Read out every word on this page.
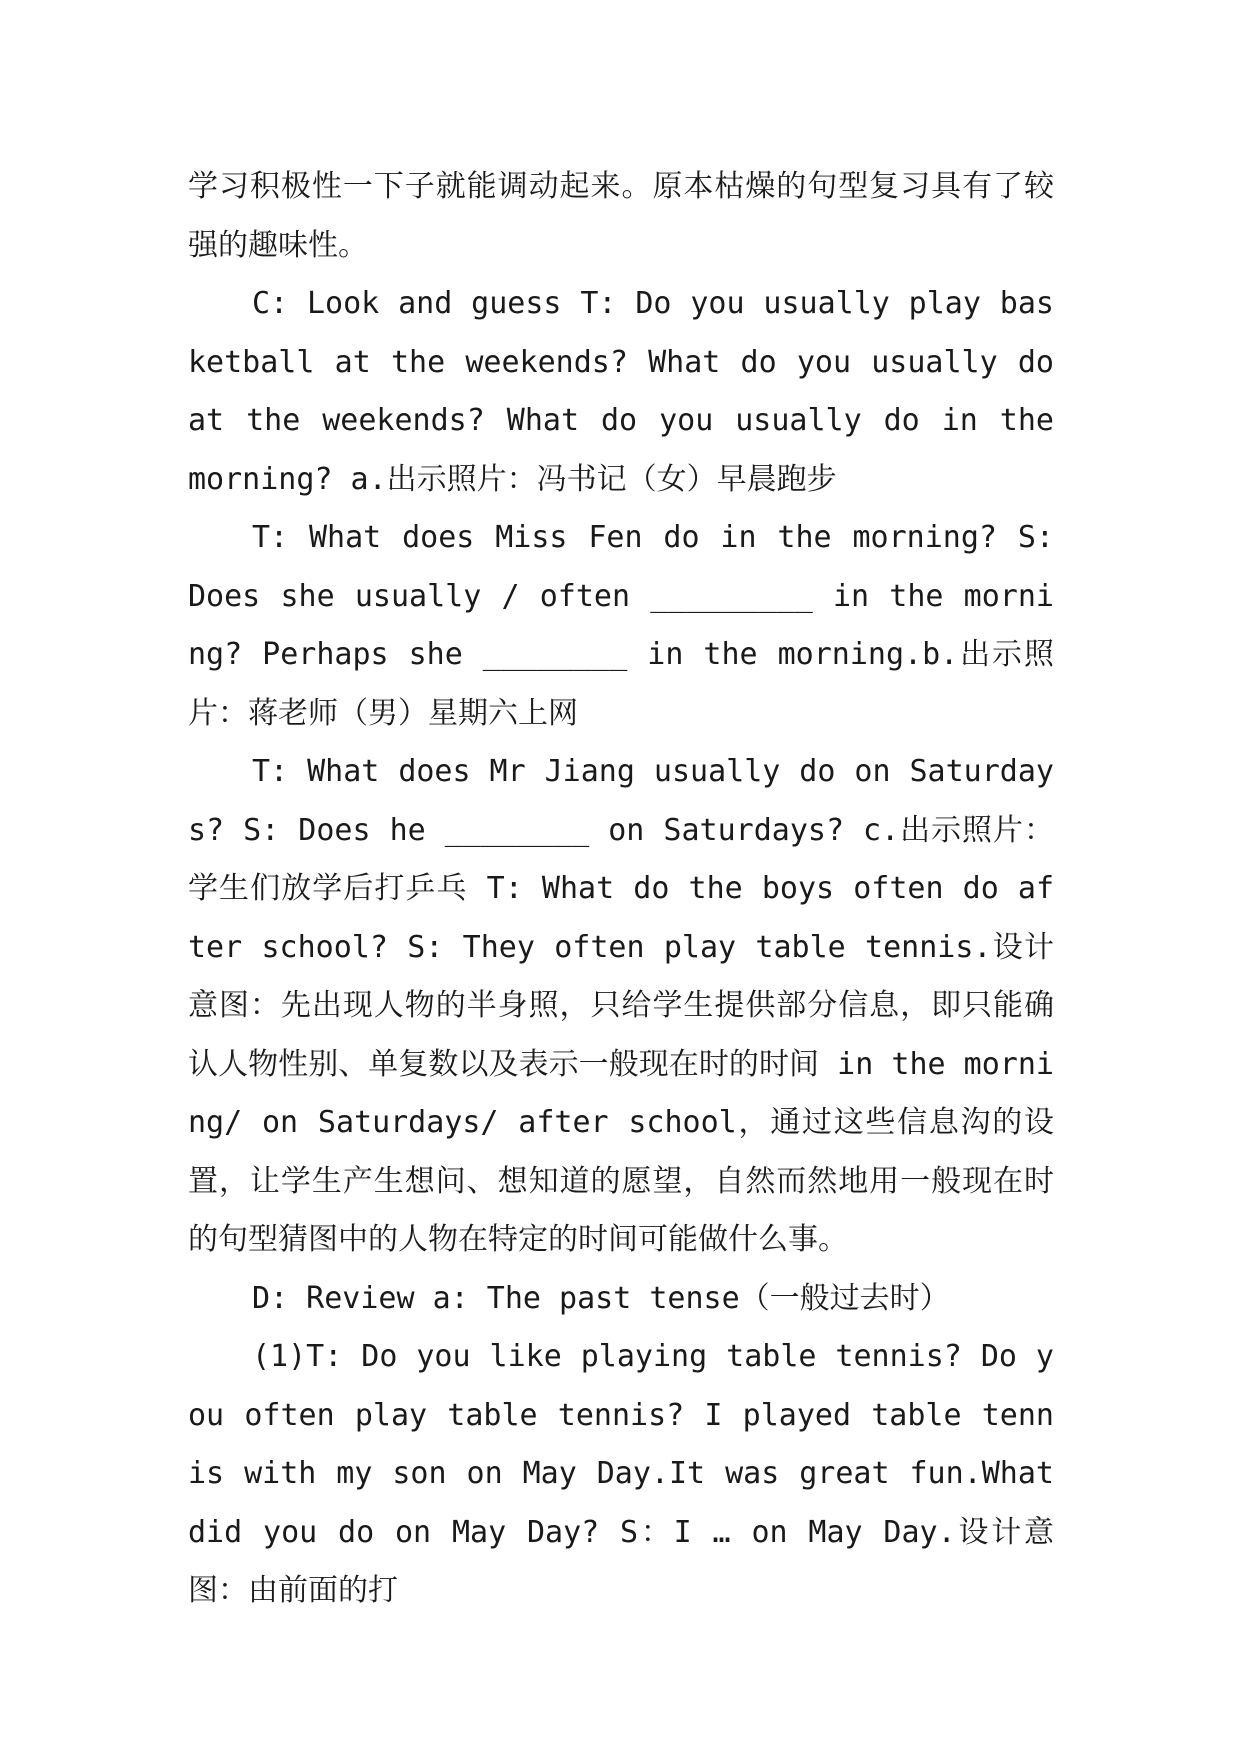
学习积极性一下子就能调动起来。原本枯燥的句型复习具有了较强的趣味性。

C: Look and guess T: Do you usually play basketball at the weekends? What do you usually do at the weekends? What do you usually do in the morning? a.出示照片：冯书记（女）早晨跑步

T: What does Miss Fen do in the morning? S: Does she usually / often _________ in the morning? Perhaps she ________ in the morning.b.出示照片：蒋老师（男）星期六上网

T: What does Mr Jiang usually do on Saturdays? S: Does he ________ on Saturdays? c.出示照片：学生们放学后打乒乓 T: What do the boys often do after school? S: They often play table tennis.设计意图：先出现人物的半身照，只给学生提供部分信息，即只能确认人物性别、单复数以及表示一般现在时的时间 in the morning/ on Saturdays/ after school，通过这些信息沟的设置，让学生产生想问、想知道的愿望，自然而然地用一般现在时的句型猜图中的人物在特定的时间可能做什么事。

D: Review a: The past tense（一般过去时）

(1)T: Do you like playing table tennis? Do you often play table tennis? I played table tennis with my son on May Day.It was great fun.What did you do on May Day? S：I … on May Day.设计意图：由前面的打
